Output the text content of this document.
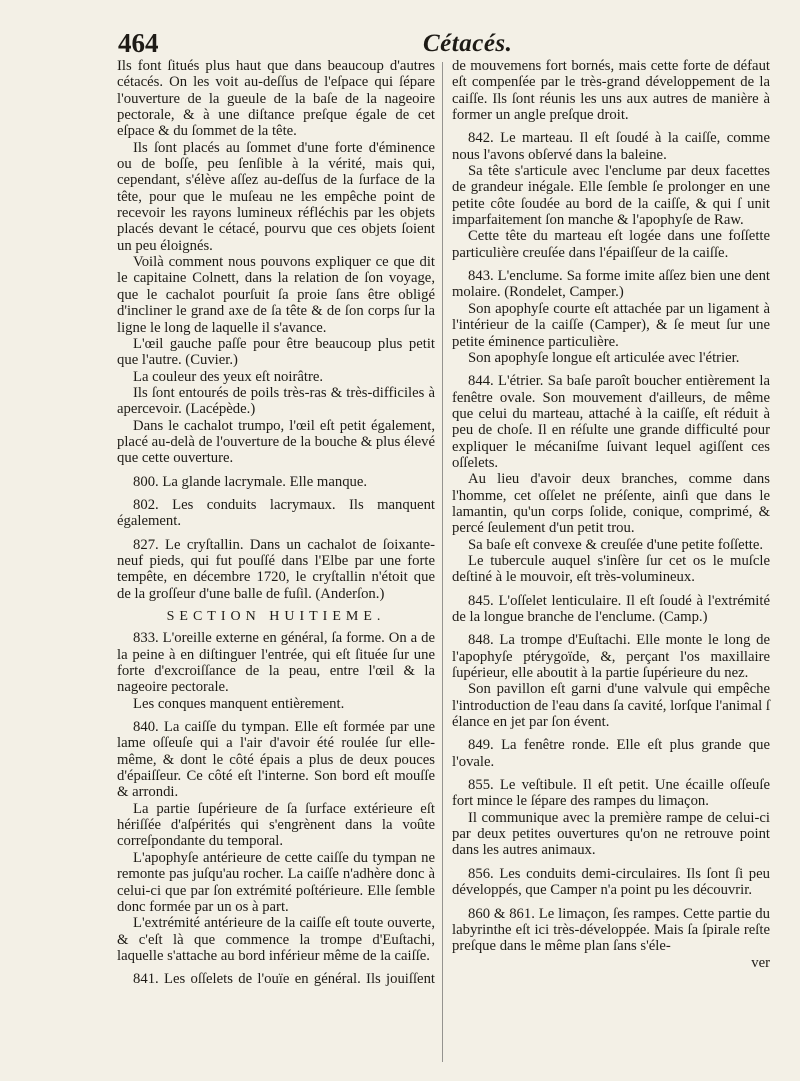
464	Cétacés.

Ils font ſitués plus haut que dans beaucoup d'autres cétacés. On les voit au-deſſus de l'eſpace qui ſépare l'ouverture de la gueule de la baſe de la nageoire pectorale, & à une diſtance preſque égale de cet eſpace & du ſommet de la tête.

Ils ſont placés au ſommet d'une forte d'éminence ou de boſſe, peu ſenſible à la vérité, mais qui, cependant, s'élève aſſez au-deſſus de la ſurface de la tête, pour que le muſeau ne les empêche point de recevoir les rayons lumineux réfléchis par les objets placés devant le cétacé, pourvu que ces objets ſoient un peu éloignés.

Voilà comment nous pouvons expliquer ce que dit le capitaine Colnett, dans la relation de ſon voyage, que le cachalot pourſuit ſa proie ſans être obligé d'incliner le grand axe de ſa tête & de ſon corps ſur la ligne le long de laquelle il s'avance.

L'œil gauche paſſe pour être beaucoup plus petit que l'autre. (Cuvier.)

La couleur des yeux eſt noirâtre.

Ils ſont entourés de poils très-ras & très-difficiles à apercevoir. (Lacépède.)

Dans le cachalot trumpo, l'œil eſt petit également, placé au-delà de l'ouverture de la bouche & plus élevé que cette ouverture.

800. La glande lacrymale. Elle manque.

802. Les conduits lacrymaux. Ils manquent également.

827. Le cryſtallin. Dans un cachalot de ſoixante-neuf pieds, qui fut pouſſé dans l'Elbe par une forte tempête, en décembre 1720, le cryſtallin n'étoit que de la groſſeur d'une balle de fuſil. (Anderſon.)

SECTION HUITIEME.

833. L'oreille externe en général, ſa forme. On a de la peine à en diſtinguer l'entrée, qui eſt ſituée ſur une forte d'excroiſſance de la peau, entre l'œil & la nageoire pectorale.

Les conques manquent entièrement.

840. La caiſſe du tympan. Elle eſt formée par une lame oſſeuſe qui a l'air d'avoir été roulée ſur elle-même, & dont le côté épais a plus de deux pouces d'épaiſſeur. Ce côté eſt l'interne. Son bord eſt mouſſe & arrondi.

La partie ſupérieure de ſa ſurface extérieure eſt hériſſée d'aſpérités qui s'engrènent dans la voûte correſpondante du temporal.

L'apophyſe antérieure de cette caiſſe du tympan ne remonte pas juſqu'au rocher. La caiſſe n'adhère donc à celui-ci que par ſon extrémité poſtérieure. Elle ſemble donc formée par un os à part.

L'extrémité antérieure de la caiſſe eſt toute ouverte, & c'eſt là que commence la trompe d'Euſtachi, laquelle s'attache au bord inférieur même de la caiſſe.

841. Les oſſelets de l'ouïe en général. Ils jouiſſent

de mouvemens fort bornés, mais cette forte de défaut eſt compenſée par le très-grand développement de la caiſſe. Ils ſont réunis les uns aux autres de manière à former un angle preſque droit.

842. Le marteau. Il eſt ſoudé à la caiſſe, comme nous l'avons obſervé dans la baleine.

Sa tête s'articule avec l'enclume par deux facettes de grandeur inégale. Elle ſemble ſe prolonger en une petite côte ſoudée au bord de la caiſſe, & qui ſ unit imparfaitement ſon manche & l'apophyſe de Raw.

Cette tête du marteau eſt logée dans une foſſette particulière creuſée dans l'épaiſſeur de la caiſſe.

843. L'enclume. Sa forme imite aſſez bien une dent molaire. (Rondelet, Camper.)

Son apophyſe courte eſt attachée par un ligament à l'intérieur de la caiſſe (Camper), & ſe meut ſur une petite éminence particulière.

Son apophyſe longue eſt articulée avec l'étrier.

844. L'étrier. Sa baſe paroît boucher entièrement la fenêtre ovale. Son mouvement d'ailleurs, de même que celui du marteau, attaché à la caiſſe, eſt réduit à peu de choſe. Il en réſulte une grande difficulté pour expliquer le mécaniſme ſuivant lequel agiſſent ces oſſelets.

Au lieu d'avoir deux branches, comme dans l'homme, cet oſſelet ne préſente, ainſi que dans le lamantin, qu'un corps ſolide, conique, comprimé, & percé ſeulement d'un petit trou.

Sa baſe eſt convexe & creuſée d'une petite foſſette.

Le tubercule auquel s'inſère ſur cet os le muſcle deſtiné à le mouvoir, eſt très-volumineux.

845. L'oſſelet lenticulaire. Il eſt ſoudé à l'extrémité de la longue branche de l'enclume. (Camp.)

848. La trompe d'Euſtachi. Elle monte le long de l'apophyſe ptérygoïde, &, perçant l'os maxillaire ſupérieur, elle aboutit à la partie ſupérieure du nez.

Son pavillon eſt garni d'une valvule qui empêche l'introduction de l'eau dans ſa cavité, lorſque l'animal ſ élance en jet par ſon évent.

849. La fenêtre ronde. Elle eſt plus grande que l'ovale.

855. Le veſtibule. Il eſt petit. Une écaille oſſeuſe fort mince le ſépare des rampes du limaçon.

Il communique avec la première rampe de celui-ci par deux petites ouvertures qu'on ne retrouve point dans les autres animaux.

856. Les conduits demi-circulaires. Ils ſont ſi peu développés, que Camper n'a point pu les découvrir.

860 & 861. Le limaçon, ſes rampes. Cette partie du labyrinthe eſt ici très-développée. Mais ſa ſpirale reſte preſque dans le même plan ſans s'éle-

ver
